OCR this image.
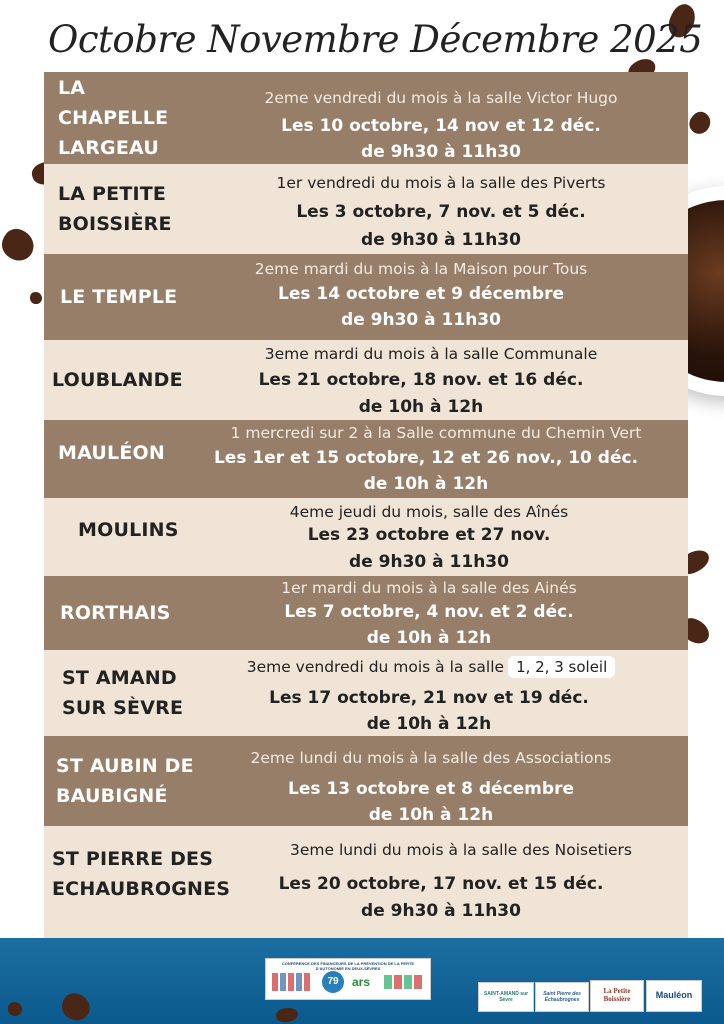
Octobre Novembre Décembre 2025
LA CHAPELLE LARGEAU
2eme vendredi du mois à la salle Victor Hugo
Les 10 octobre, 14 nov et 12 déc.
de 9h30 à 11h30
LA PETITE BOISSIÈRE
1er vendredi du mois à la salle des Piverts
Les 3 octobre, 7 nov. et 5 déc.
de 9h30 à 11h30
LE TEMPLE
2eme mardi du mois à la Maison pour Tous
Les 14 octobre et 9 décembre
de 9h30 à 11h30
LOUBLANDE
3eme mardi du mois à la salle Communale
Les 21 octobre, 18 nov. et 16 déc.
de 10h à 12h
MAULÉON
1 mercredi sur 2 à la Salle commune du Chemin Vert
Les 1er et 15 octobre, 12 et 26 nov., 10 déc.
de 10h à 12h
MOULINS
4eme jeudi du mois, salle des Aînés
Les 23 octobre et 27 nov.
de 9h30 à 11h30
RORTHAIS
1er mardi du mois à la salle des Ainés
Les 7 octobre, 4 nov. et 2 déc.
de 10h à 12h
ST AMAND SUR SÈVRE
3eme vendredi du mois à la salle 1, 2, 3 soleil
Les 17 octobre, 21 nov et 19 déc.
de 10h à 12h
ST AUBIN DE BAUBIGNÉ
2eme lundi du mois à la salle des Associations
Les 13 octobre et 8 décembre
de 10h à 12h
ST PIERRE DES ECHAUBROGNES
3eme lundi du mois à la salle des Noisetiers
Les 20 octobre, 17 nov. et 15 déc.
de 9h30 à 11h30
CONFÉRENCE DES FINANCEURS DE LA PRÉVENTION DE LA PERTE D'AUTONOMIE EN DEUX-SÈVRES
79	ars
SAINT-AMAND sur Sèvre
Saint Pierre des Échaubrognes
La Petite Boissière	Mauléon
